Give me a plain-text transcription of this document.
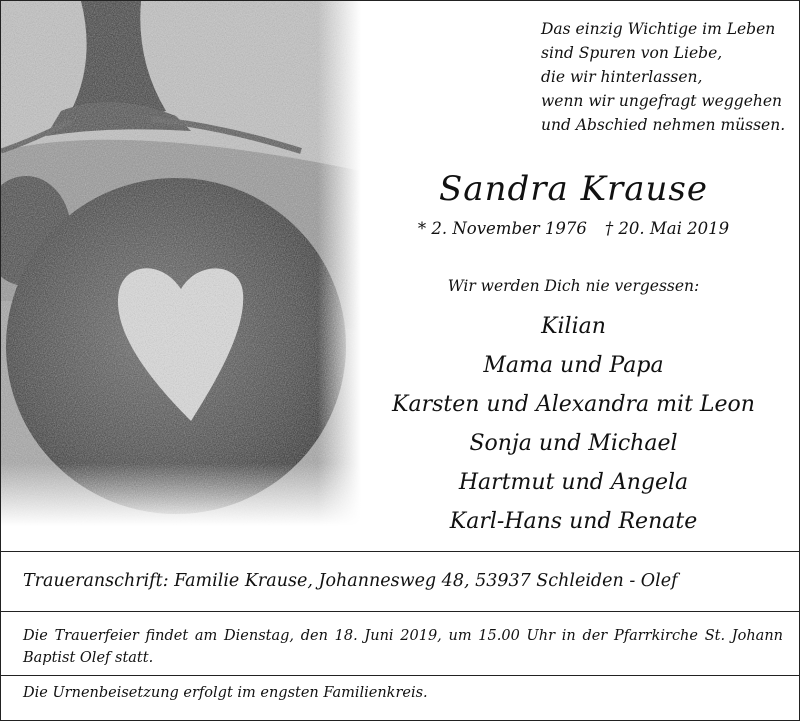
Das einzig Wichtige im Leben
sind Spuren von Liebe,
die wir hinterlassen,
wenn wir ungefragt weggehen
und Abschied nehmen müssen.
Sandra Krause
* 2. November 1976 † 20. Mai 2019
Wir werden Dich nie vergessen:
Kilian
Mama und Papa
Karsten und Alexandra mit Leon
Sonja und Michael
Hartmut und Angela
Karl-Hans und Renate
Traueranschrift: Familie Krause, Johannesweg 48, 53937 Schleiden - Olef
Die Trauerfeier findet am Dienstag, den 18. Juni 2019, um 15.00 Uhr in der Pfarrkirche St. Johann Baptist Olef statt.
Die Urnenbeisetzung erfolgt im engsten Familienkreis.
